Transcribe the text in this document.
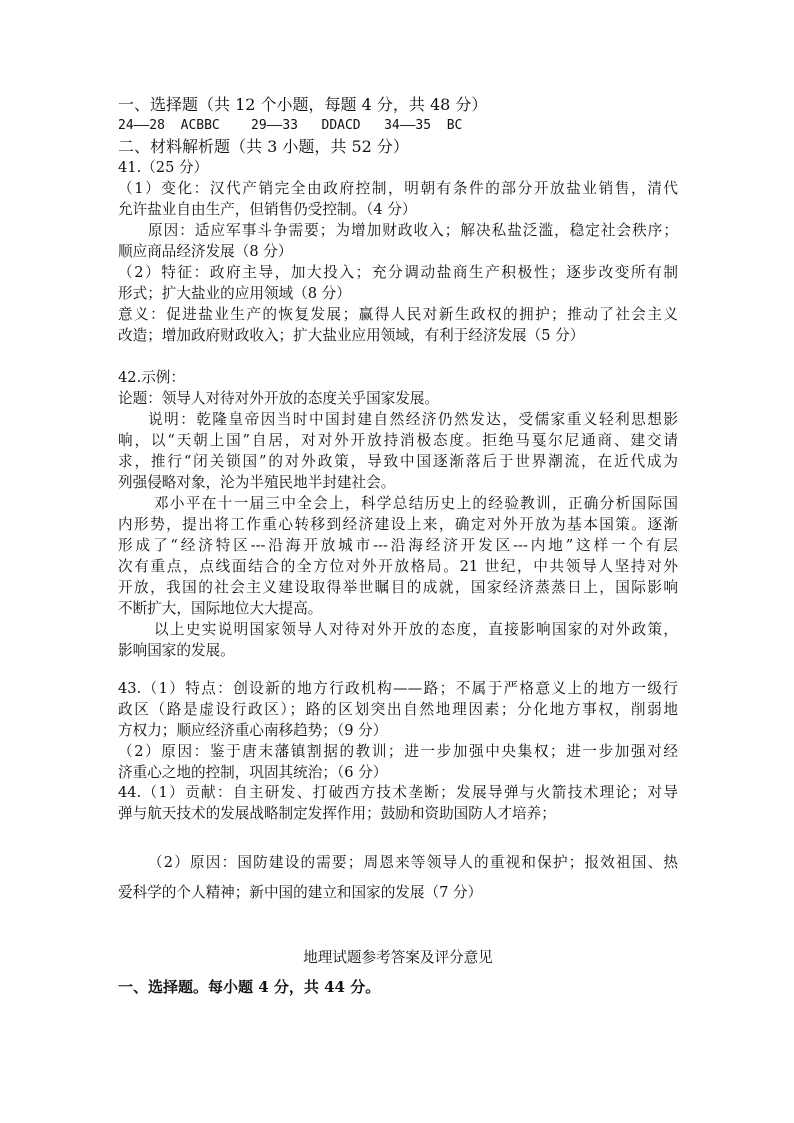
一、选择题（共 12 个小题，每题 4 分，共 48 分）
24——28  ACBBC    29——33   DDACD   34——35  BC
二、材料解析题（共 3 小题，共 52 分）
41.（25 分）
（1）变化：汉代产销完全由政府控制，明朝有条件的部分开放盐业销售，清代
允许盐业自由生产，但销售仍受控制。（4 分）
原因：适应军事斗争需要；为增加财政收入；解决私盐泛滥，稳定社会秩序；
顺应商品经济发展（8 分）
（2）特征：政府主导，加大投入；充分调动盐商生产积极性；逐步改变所有制
形式；扩大盐业的应用领域（8 分）
意义：促进盐业生产的恢复发展；赢得人民对新生政权的拥护；推动了社会主义
改造；增加政府财政收入；扩大盐业应用领域，有利于经济发展（5 分）
42.示例：
论题：领导人对待对外开放的态度关乎国家发展。
说明：乾隆皇帝因当时中国封建自然经济仍然发达，受儒家重义轻利思想影
响，以“天朝上国”自居，对对外开放持消极态度。拒绝马戛尔尼通商、建交请
求，推行“闭关锁国”的对外政策，导致中国逐渐落后于世界潮流，在近代成为
列强侵略对象，沦为半殖民地半封建社会。
邓小平在十一届三中全会上，科学总结历史上的经验教训，正确分析国际国
内形势，提出将工作重心转移到经济建设上来，确定对外开放为基本国策。逐渐
形成了“经济特区---沿海开放城市---沿海经济开发区---内地”这样一个有层
次有重点，点线面结合的全方位对外开放格局。21 世纪，中共领导人坚持对外
开放，我国的社会主义建设取得举世瞩目的成就，国家经济蒸蒸日上，国际影响
不断扩大，国际地位大大提高。
以上史实说明国家领导人对待对外开放的态度，直接影响国家的对外政策，
影响国家的发展。
43.（1）特点：创设新的地方行政机构——路；不属于严格意义上的地方一级行
政区（路是虚设行政区）；路的区划突出自然地理因素；分化地方事权，削弱地
方权力；顺应经济重心南移趋势；（9 分）
（2）原因：鉴于唐末藩镇割据的教训；进一步加强中央集权；进一步加强对经
济重心之地的控制，巩固其统治；（6 分）
44.（1）贡献：自主研发、打破西方技术垄断；发展导弹与火箭技术理论；对导
弹与航天技术的发展战略制定发挥作用；鼓励和资助国防人才培养；
（2）原因：国防建设的需要；周恩来等领导人的重视和保护；报效祖国、热
爱科学的个人精神；新中国的建立和国家的发展（7 分）
地理试题参考答案及评分意见
一、选择题。每小题 4 分，共 44 分。
